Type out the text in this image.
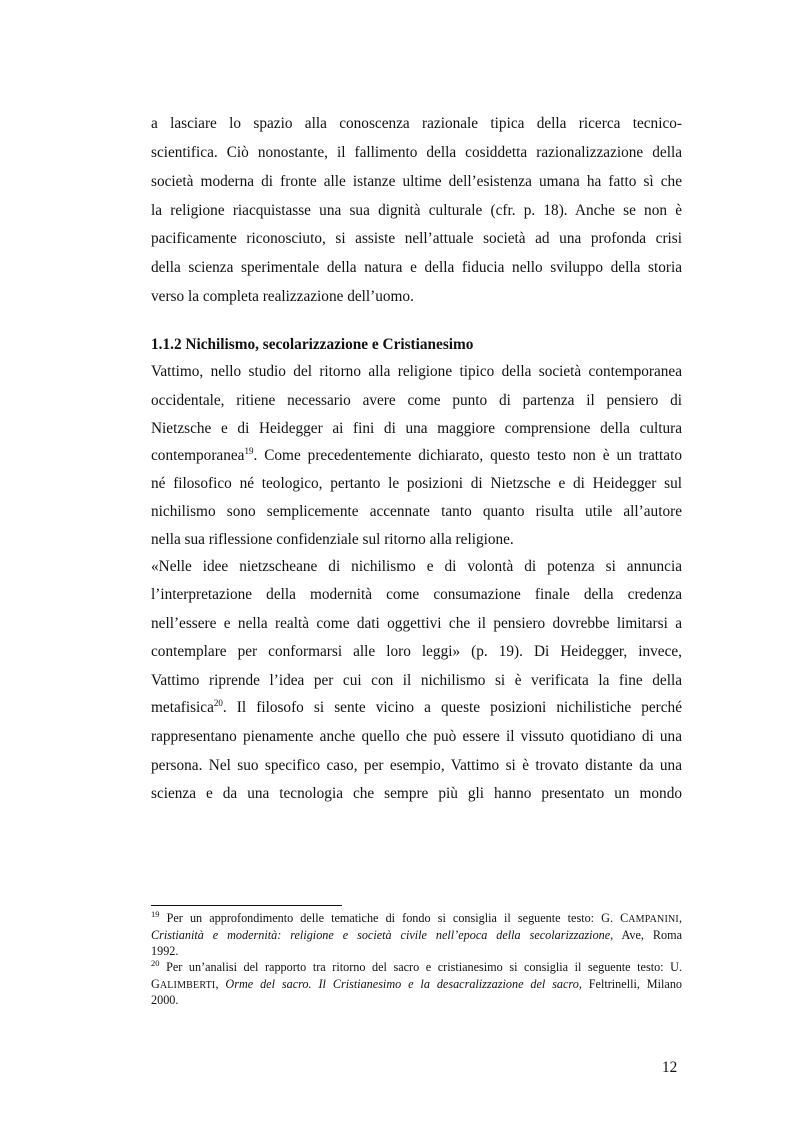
a lasciare lo spazio alla conoscenza razionale tipica della ricerca tecnico-
scientifica. Ciò nonostante, il fallimento della cosiddetta razionalizzazione della
società moderna di fronte alle istanze ultime dell’esistenza umana ha fatto sì che
la religione riacquistasse una sua dignità culturale (cfr. p. 18). Anche se non è
pacificamente riconosciuto, si assiste nell’attuale società ad una profonda crisi
della scienza sperimentale della natura e della fiducia nello sviluppo della storia
verso la completa realizzazione dell’uomo.
1.1.2 Nichilismo, secolarizzazione e Cristianesimo
Vattimo, nello studio del ritorno alla religione tipico della società contemporanea
occidentale, ritiene necessario avere come punto di partenza il pensiero di
Nietzsche e di Heidegger ai fini di una maggiore comprensione della cultura
contemporanea$^{19}$. Come precedentemente dichiarato, questo testo non è un trattato
né filosofico né teologico, pertanto le posizioni di Nietzsche e di Heidegger sul
nichilismo sono semplicemente accennate tanto quanto risulta utile all’autore
nella sua riflessione confidenziale sul ritorno alla religione.
«Nelle idee nietzscheane di nichilismo e di volontà di potenza si annuncia
l’interpretazione della modernità come consumazione finale della credenza
nell’essere e nella realtà come dati oggettivi che il pensiero dovrebbe limitarsi a
contemplare per conformarsi alle loro leggi» (p. 19). Di Heidegger, invece,
Vattimo riprende l’idea per cui con il nichilismo si è verificata la fine della
metafisica$^{20}$. Il filosofo si sente vicino a queste posizioni nichilistiche perché
rappresentano pienamente anche quello che può essere il vissuto quotidiano di una
persona. Nel suo specifico caso, per esempio, Vattimo si è trovato distante da una
scienza e da una tecnologia che sempre più gli hanno presentato un mondo
$^{19}$ Per un approfondimento delle tematiche di fondo si consiglia il seguente testo: G. CAMPANINI,
Cristianità e modernità: religione e società civile nell’epoca della secolarizzazione, Ave, Roma
1992.
$^{20}$ Per un’analisi del rapporto tra ritorno del sacro e cristianesimo si consiglia il seguente testo: U.
GALIMBERTI, Orme del sacro. Il Cristianesimo e la desacralizzazione del sacro, Feltrinelli, Milano
2000.
12
